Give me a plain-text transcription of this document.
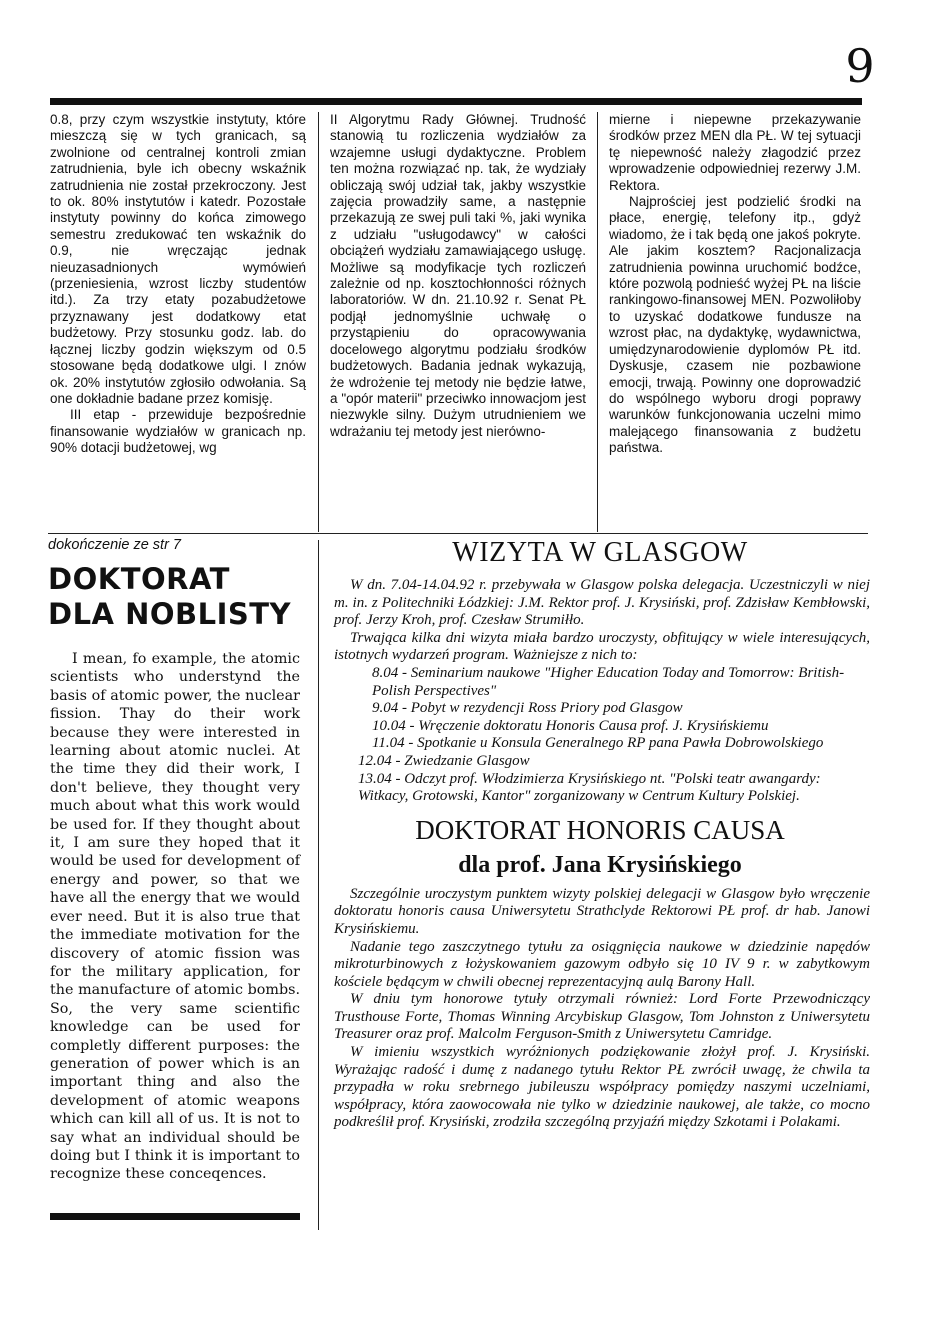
9

0.8, przy czym wszystkie instytuty, które mieszczą się w tych granicach, są zwolnione od centralnej kontroli zmian zatrudnienia, byle ich obecny wskaźnik zatrudnienia nie został przekroczony. Jest to ok. 80% instytutów i katedr. Pozostałe instytuty powinny do końca zimowego semestru zredukować ten wskaźnik do 0.9, nie wręczając jednak nieuzasadnionych wymówień (przeniesienia, wzrost liczby studentów itd.). Za trzy etaty pozabudżetowe przyznawany jest dodatkowy etat budżetowy. Przy stosunku godz. lab. do łącznej liczby godzin większym od 0.5 stosowane będą dodatkowe ulgi. I znów ok. 20% instytutów zgłosiło odwołania. Są one dokładnie badane przez komisję.

III etap - przewiduje bezpośrednie finansowanie wydziałów w granicach np. 90% dotacji budżetowej, wg

II Algorytmu Rady Głównej. Trudność stanowią tu rozliczenia wydziałów za wzajemne usługi dydaktyczne. Problem ten można rozwiązać np. tak, że wydziały obliczają swój udział tak, jakby wszystkie zajęcia prowadziły same, a następnie przekazują ze swej puli taki %, jaki wynika z udziału "usługodawcy" w całości obciążeń wydziału zamawiającego usługę. Możliwe są modyfikacje tych rozliczeń zależnie od np. kosztochłonności różnych laboratoriów. W dn. 21.10.92 r. Senat PŁ podjął jednomyślnie uchwałę o przystąpieniu do opracowywania docelowego algorytmu podziału środków budżetowych. Badania jednak wykazują, że wdrożenie tej metody nie będzie łatwe, a "opór materii" przeciwko innowacjom jest niezwykle silny. Dużym utrudnieniem we wdrażaniu tej metody jest nierówno-

mierne i niepewne przekazywanie środków przez MEN dla PŁ. W tej sytuacji tę niepewność należy złagodzić przez wprowadzenie odpowiedniej rezerwy J.M. Rektora.

Najprościej jest podzielić środki na płace, energię, telefony itp., gdyż wiadomo, że i tak będą one jakoś pokryte. Ale jakim kosztem? Racjonalizacja zatrudnienia powinna uruchomić bodźce, które pozwolą podnieść wyżej PŁ na liście rankingowo-finansowej MEN. Pozwoliłoby to uzyskać dodatkowe fundusze na wzrost płac, na dydaktykę, wydawnictwa, umiędzynarodowienie dyplomów PŁ itd. Dyskusje, czasem nie pozbawione emocji, trwają. Powinny one doprowadzić do wspólnego wyboru drogi poprawy warunków funkcjonowania uczelni mimo malejącego finansowania z budżetu państwa.

dokończenie ze str 7
DOKTORAT
DLA NOBLISTY

I mean, fo example, the atomic scientists who understynd the basis of atomic power, the nuclear fission. Thay do their work because they were interested in learning about atomic nuclei. At the time they did their work, I don't believe, they thought very much about what this work would be used for. If they thought about it, I am sure they hoped that it would be used for development of energy and power, so that we have all the energy that we would ever need. But it is also true that the immediate motivation for the discovery of atomic fission was for the military application, for the manufacture of atomic bombs. So, the very same scientific knowledge can be used for completly different purposes: the generation of power which is an important thing and also the development of atomic weapons which can kill all of us. It is not to say what an individual should be doing but I think it is important to recognize these conceqences.

WIZYTA W GLASGOW

W dn. 7.04-14.04.92 r. przebywała w Glasgow polska delegacja. Uczestniczyli w niej m. in. z Politechniki Łódzkiej: J.M. Rektor prof. J. Krysiński, prof. Zdzisław Kembłowski, prof. Jerzy Kroh, prof. Czesław Strumiłło.

Trwająca kilka dni wizyta miała bardzo uroczysty, obfitujący w wiele interesujących, istotnych wydarzeń program. Ważniejsze z nich to:

8.04 - Seminarium naukowe "Higher Education Today and Tomorrow: British-Polish Perspectives"
9.04 - Pobyt w rezydencji Ross Priory pod Glasgow
10.04 - Wręczenie doktoratu Honoris Causa prof. J. Krysińskiemu
11.04 - Spotkanie u Konsula Generalnego RP pana Pawła Dobrowolskiego
12.04 - Zwiedzanie Glasgow
13.04 - Odczyt prof. Włodzimierza Krysińskiego nt. "Polski teatr awangardy: Witkacy, Grotowski, Kantor" zorganizowany w Centrum Kultury Polskiej.
DOKTORAT HONORIS CAUSA
dla prof. Jana Krysińskiego

Szczególnie uroczystym punktem wizyty polskiej delegacji w Glasgow było wręczenie doktoratu honoris causa Uniwersytetu Strathclyde Rektorowi PŁ prof. dr hab. Janowi Krysińskiemu.

Nadanie tego zaszczytnego tytułu za osiągnięcia naukowe w dziedzinie napędów mikroturbinowych z łożyskowaniem gazowym odbyło się 10 IV 9 r. w zabytkowym kościele będącym w chwili obecnej reprezentacyjną aulą Barony Hall.

W dniu tym honorowe tytuły otrzymali również: Lord Forte Przewodniczący Trusthouse Forte, Thomas Winning Arcybiskup Glasgow, Tom Johnston z Uniwersytetu Treasurer oraz prof. Malcolm Ferguson-Smith z Uniwersytetu Camridge.

W imieniu wszystkich wyróżnionych podziękowanie złożył prof. J. Krysiński. Wyrażając radość i dumę z nadanego tytułu Rektor PŁ zwrócił uwagę, że chwila ta przypadła w roku srebrnego jubileuszu współpracy pomiędzy naszymi uczelniami, współpracy, która zaowocowała nie tylko w dziedzinie naukowej, ale także, co mocno podkreślił prof. Krysiński, zrodziła szczególną przyjaźń między Szkotami i Polakami.
